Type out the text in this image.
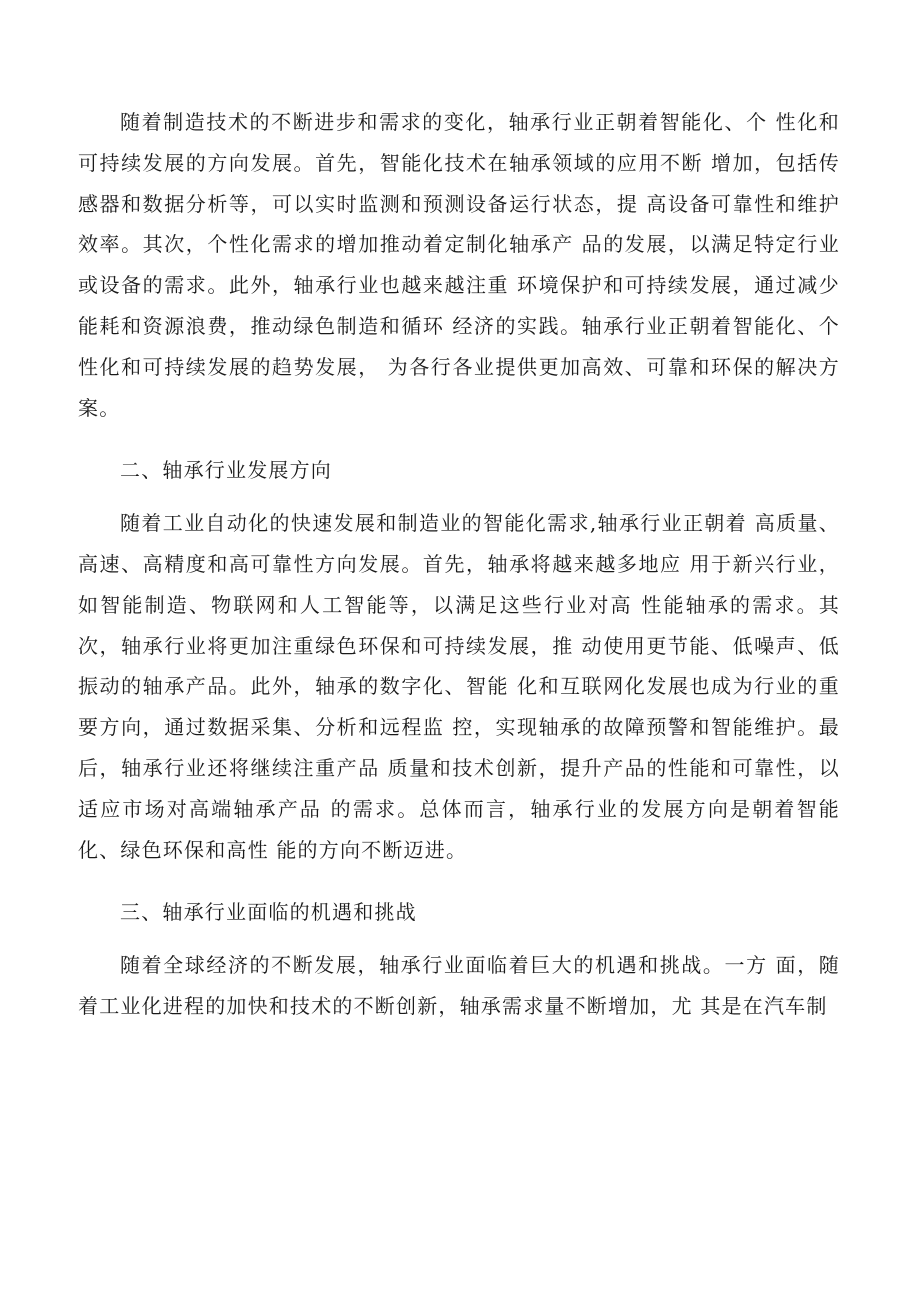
随着制造技术的不断进步和需求的变化，轴承行业正朝着智能化、个 性化和可持续发展的方向发展。首先，智能化技术在轴承领域的应用不断 增加，包括传感器和数据分析等，可以实时监测和预测设备运行状态，提 高设备可靠性和维护效率。其次，个性化需求的增加推动着定制化轴承产 品的发展，以满足特定行业或设备的需求。此外，轴承行业也越来越注重 环境保护和可持续发展，通过减少能耗和资源浪费，推动绿色制造和循环 经济的实践。轴承行业正朝着智能化、个性化和可持续发展的趋势发展， 为各行各业提供更加高效、可靠和环保的解决方案。

二、轴承行业发展方向

随着工业自动化的快速发展和制造业的智能化需求,轴承行业正朝着 高质量、高速、高精度和高可靠性方向发展。首先，轴承将越来越多地应 用于新兴行业，如智能制造、物联网和人工智能等，以满足这些行业对高 性能轴承的需求。其次，轴承行业将更加注重绿色环保和可持续发展，推 动使用更节能、低噪声、低振动的轴承产品。此外，轴承的数字化、智能 化和互联网化发展也成为行业的重要方向，通过数据采集、分析和远程监 控，实现轴承的故障预警和智能维护。最后，轴承行业还将继续注重产品 质量和技术创新，提升产品的性能和可靠性，以适应市场对高端轴承产品 的需求。总体而言，轴承行业的发展方向是朝着智能化、绿色环保和高性 能的方向不断迈进。

三、轴承行业面临的机遇和挑战

随着全球经济的不断发展，轴承行业面临着巨大的机遇和挑战。一方 面，随着工业化进程的加快和技术的不断创新，轴承需求量不断增加，尤 其是在汽车制
